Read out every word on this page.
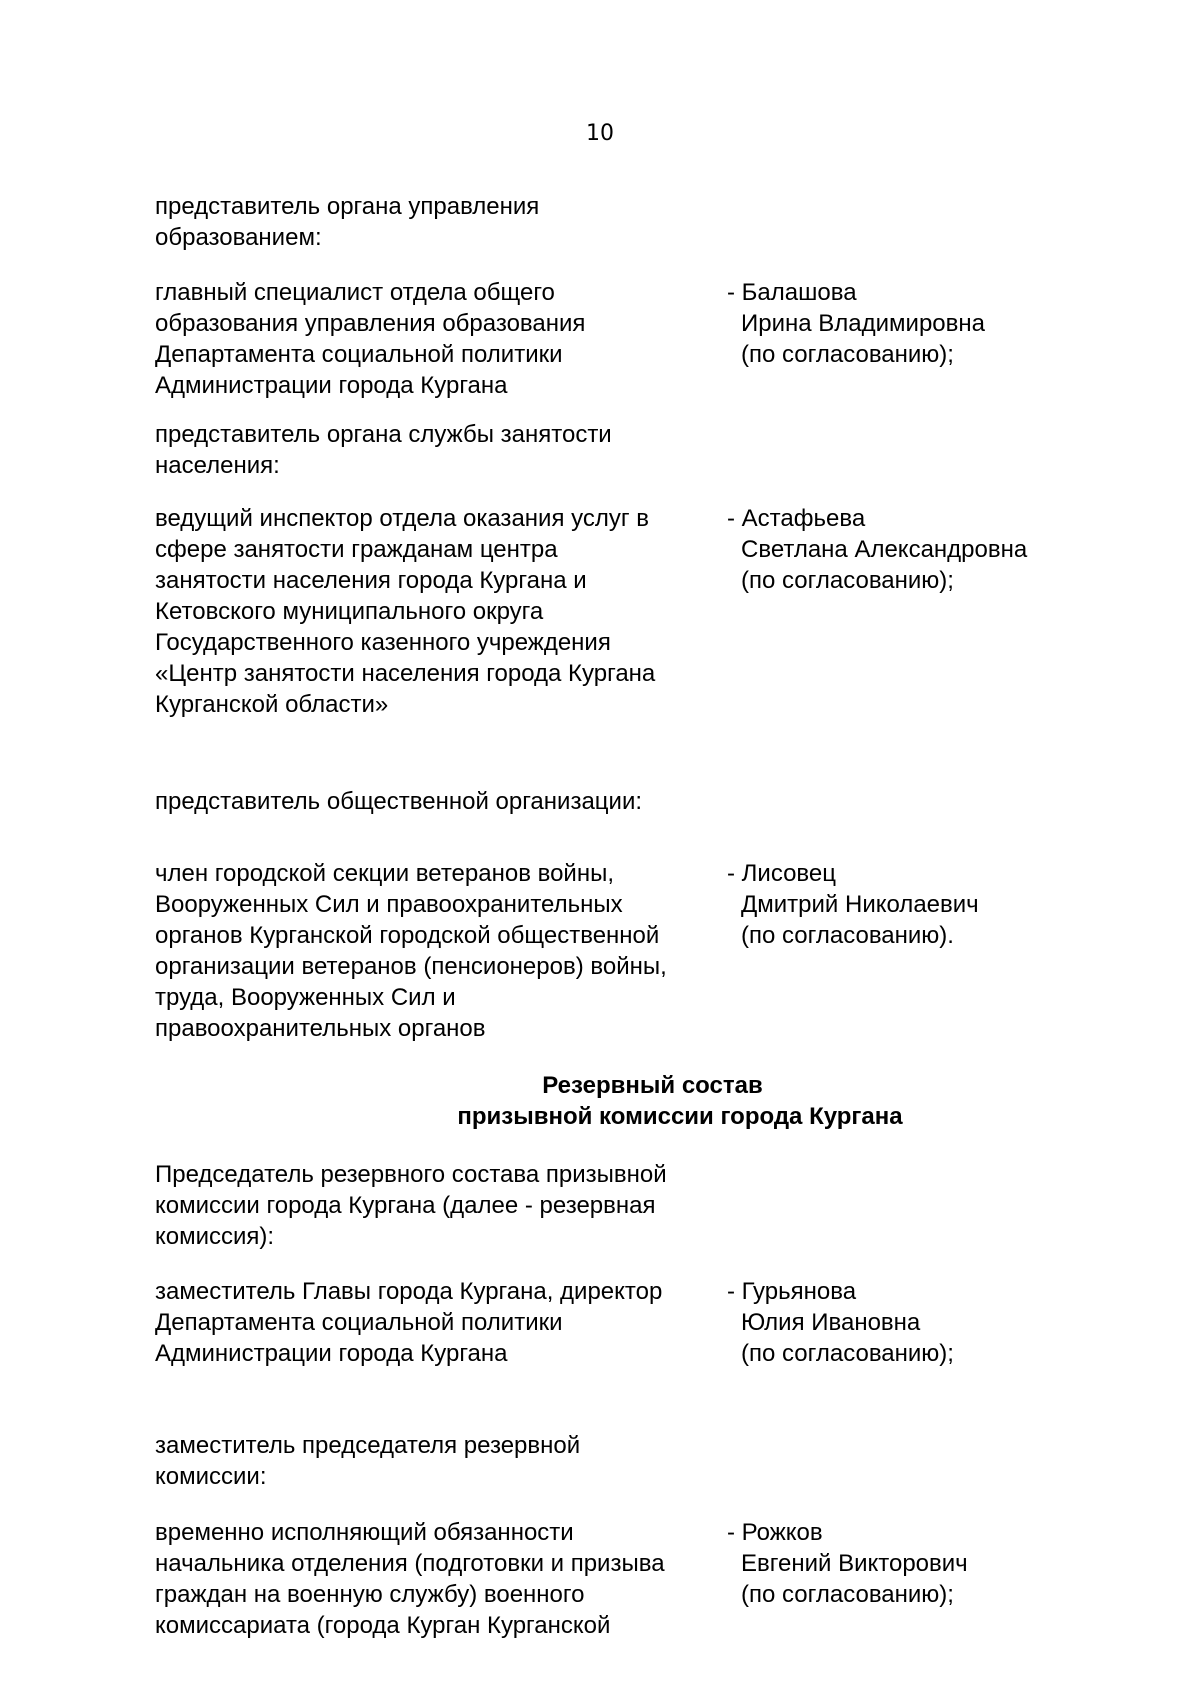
10
представитель органа управления
образованием:
главный специалист отдела общего
образования управления образования
Департамента социальной политики
Администрации города Кургана
- Балашова
Ирина Владимировна
(по согласованию);
представитель органа службы занятости
населения:
ведущий инспектор отдела оказания услуг в
сфере занятости гражданам центра
занятости населения города Кургана и
Кетовского муниципального округа
Государственного казенного учреждения
«Центр занятости населения города Кургана
Курганской области»
- Астафьева
Светлана Александровна
(по согласованию);
представитель общественной организации:
член городской секции ветеранов войны,
Вооруженных Сил и правоохранительных
органов Курганской городской общественной
организации ветеранов (пенсионеров) войны,
труда, Вооруженных Сил и
правоохранительных органов
- Лисовец
Дмитрий Николаевич
(по согласованию).
Резервный состав
призывной комиссии города Кургана
Председатель резервного состава призывной
комиссии города Кургана (далее - резервная
комиссия):
заместитель Главы города Кургана, директор
Департамента социальной политики
Администрации города Кургана
- Гурьянова
Юлия Ивановна
(по согласованию);
заместитель председателя резервной
комиссии:
временно исполняющий обязанности
начальника отделения (подготовки и призыва
граждан на военную службу) военного
комиссариата (города Курган Курганской
- Рожков
Евгений Викторович
(по согласованию);
